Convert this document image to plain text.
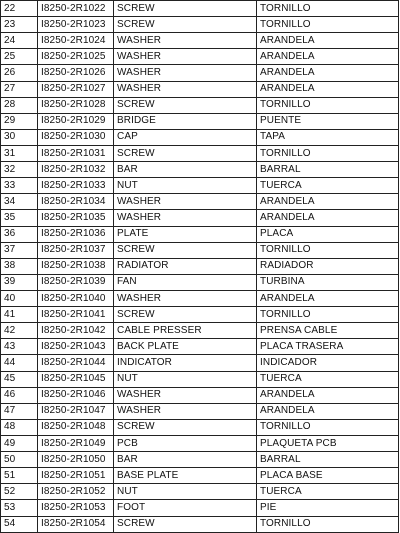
22	I8250-2R1022	SCREW	TORNILLO
23	I8250-2R1023	SCREW	TORNILLO
24	I8250-2R1024	WASHER	ARANDELA
25	I8250-2R1025	WASHER	ARANDELA
26	I8250-2R1026	WASHER	ARANDELA
27	I8250-2R1027	WASHER	ARANDELA
28	I8250-2R1028	SCREW	TORNILLO
29	I8250-2R1029	BRIDGE	PUENTE
30	I8250-2R1030	CAP	TAPA
31	I8250-2R1031	SCREW	TORNILLO
32	I8250-2R1032	BAR	BARRAL
33	I8250-2R1033	NUT	TUERCA
34	I8250-2R1034	WASHER	ARANDELA
35	I8250-2R1035	WASHER	ARANDELA
36	I8250-2R1036	PLATE	PLACA
37	I8250-2R1037	SCREW	TORNILLO
38	I8250-2R1038	RADIATOR	RADIADOR
39	I8250-2R1039	FAN	TURBINA
40	I8250-2R1040	WASHER	ARANDELA
41	I8250-2R1041	SCREW	TORNILLO
42	I8250-2R1042	CABLE PRESSER	PRENSA CABLE
43	I8250-2R1043	BACK PLATE	PLACA TRASERA
44	I8250-2R1044	INDICATOR	INDICADOR
45	I8250-2R1045	NUT	TUERCA
46	I8250-2R1046	WASHER	ARANDELA
47	I8250-2R1047	WASHER	ARANDELA
48	I8250-2R1048	SCREW	TORNILLO
49	I8250-2R1049	PCB	PLAQUETA PCB
50	I8250-2R1050	BAR	BARRAL
51	I8250-2R1051	BASE PLATE	PLACA BASE
52	I8250-2R1052	NUT	TUERCA
53	I8250-2R1053	FOOT	PIE
54	I8250-2R1054	SCREW	TORNILLO
